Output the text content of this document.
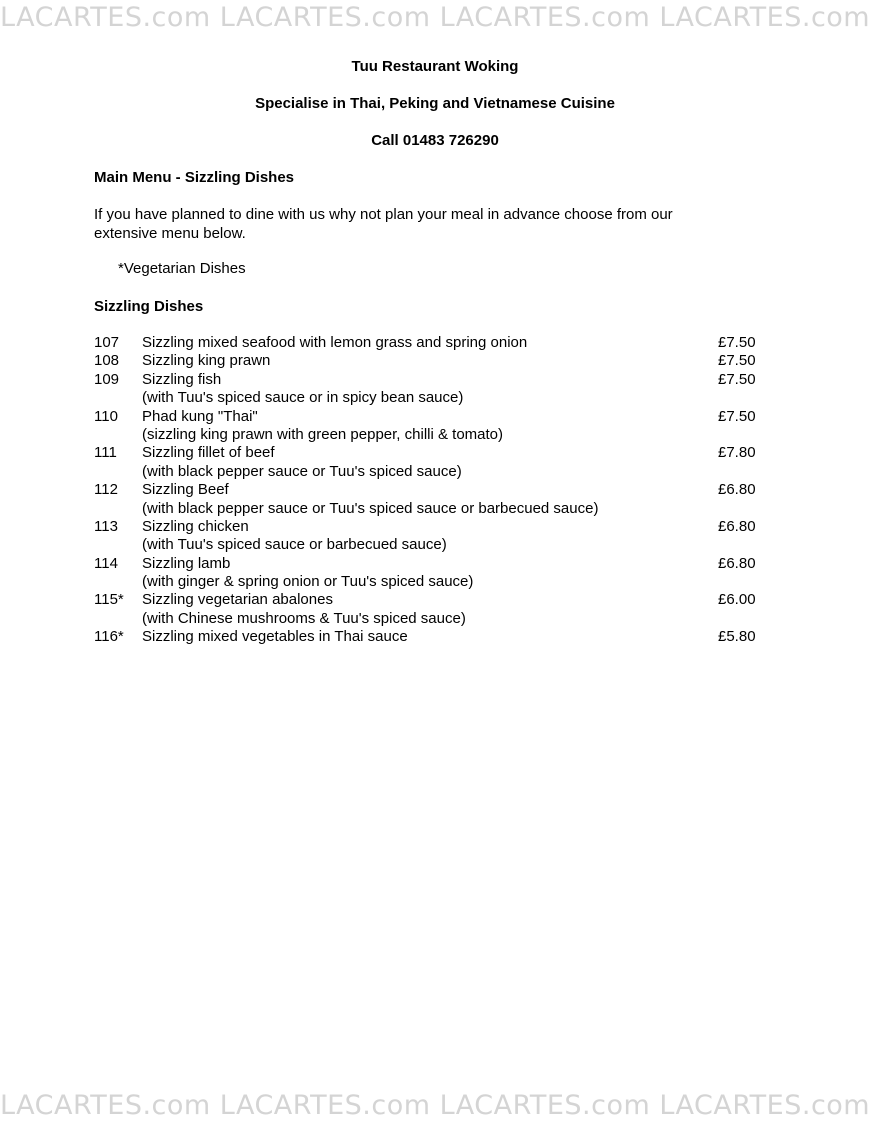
LACARTES.com LACARTES.com LACARTES.com LACARTES.com
Tuu Restaurant Woking
Specialise in Thai, Peking and Vietnamese Cuisine
Call 01483 726290
Main Menu - Sizzling Dishes
If you have planned to dine with us why not plan your meal in advance choose from our extensive menu below.
*Vegetarian Dishes
Sizzling Dishes
107 Sizzling mixed seafood with lemon grass and spring onion	£7.50
108 Sizzling king prawn	£7.50
109 Sizzling fish	£7.50
(with Tuu's spiced sauce or in spicy bean sauce)
110 Phad kung "Thai"	£7.50
(sizzling king prawn with green pepper, chilli & tomato)
111 Sizzling fillet of beef	£7.80
(with black pepper sauce or Tuu's spiced sauce)
112 Sizzling Beef	£6.80
(with black pepper sauce or Tuu's spiced sauce or barbecued sauce)
113 Sizzling chicken	£6.80
(with Tuu's spiced sauce or barbecued sauce)
114 Sizzling lamb	£6.80
(with ginger & spring onion or Tuu's spiced sauce)
115* Sizzling vegetarian abalones	£6.00
(with Chinese mushrooms & Tuu's spiced sauce)
116* Sizzling mixed vegetables in Thai sauce	£5.80
LACARTES.com LACARTES.com LACARTES.com LACARTES.com
